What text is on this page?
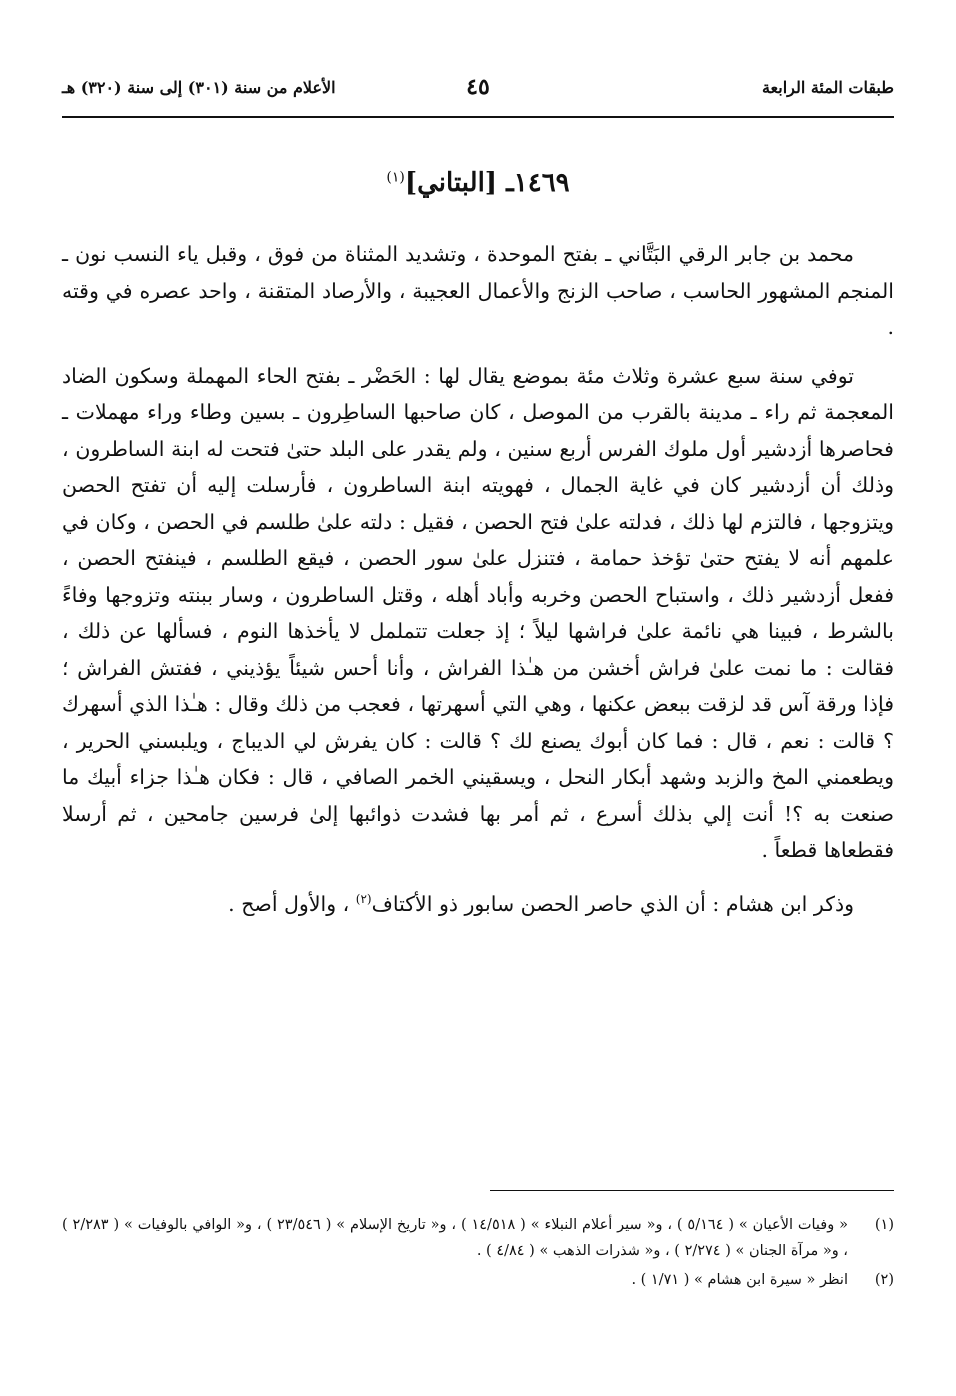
طبقات المئة الرابعة
٤٥
الأعلام من سنة (٣٠١) إلى سنة (٣٢٠) هـ
١٤٦٩ـ [البتاني]$^{(١)}$

محمد بن جابر الرقي البَتَّاني ـ بفتح الموحدة ، وتشديد المثناة من فوق ، وقبل ياء النسب نون ـ المنجم المشهور الحاسب ، صاحب الزنج والأعمال العجيبة ، والأرصاد المتقنة ، واحد عصره في وقته .

توفي سنة سبع عشرة وثلاث مئة بموضع يقال لها : الحَضْر ـ بفتح الحاء المهملة وسكون الضاد المعجمة ثم راء ـ مدينة بالقرب من الموصل ، كان صاحبها الساطِرون ـ بسين وطاء وراء مهملات ـ فحاصرها أزدشير أول ملوك الفرس أربع سنين ، ولم يقدر على البلد حتىٰ فتحت له ابنة الساطرون ، وذلك أن أزدشير كان في غاية الجمال ، فهويته ابنة الساطرون ، فأرسلت إليه أن تفتح الحصن ويتزوجها ، فالتزم لها ذلك ، فدلته علىٰ فتح الحصن ، فقيل : دلته علىٰ طلسم في الحصن ، وكان في علمهم أنه لا يفتح حتىٰ تؤخذ حمامة ، فتنزل علىٰ سور الحصن ، فيقع الطلسم ، فينفتح الحصن ، ففعل أزدشير ذلك ، واستباح الحصن وخربه وأباد أهله ، وقتل الساطرون ، وسار ببنته وتزوجها وفاءً بالشرط ، فبينا هي نائمة علىٰ فراشها ليلاً ؛ إذ جعلت تتململ لا يأخذها النوم ، فسألها عن ذلك ، فقالت : ما نمت علىٰ فراش أخشن من هـٰذا الفراش ، وأنا أحس شيئاً يؤذيني ، ففتش الفراش ؛ فإذا ورقة آس قد لزقت ببعض عكنها ، وهي التي أسهرتها ، فعجب من ذلك وقال : هـٰذا الذي أسهرك ؟ قالت : نعم ، قال : فما كان أبوك يصنع لك ؟ قالت : كان يفرش لي الديباج ، ويلبسني الحرير ، ويطعمني المخ والزبد وشهد أبكار النحل ، ويسقيني الخمر الصافي ، قال : فكان هـٰذا جزاء أبيك ما صنعت به ؟! أنت إلي بذلك أسرع ، ثم أمر بها فشدت ذوائبها إلىٰ فرسين جامحين ، ثم أرسلا فقطعاها قطعاً .

وذكر ابن هشام : أن الذي حاصر الحصن سابور ذو الأكتاف$^{(٢)}$ ، والأول أصح .

(١)
« وفيات الأعيان » ( ٥/١٦٤ ) ، و« سير أعلام النبلاء » ( ١٤/٥١٨ ) ، و« تاريخ الإسلام » ( ٢٣/٥٤٦ ) ، و« الوافي بالوفيات » ( ٢/٢٨٣ ) ، و« مرآة الجنان » ( ٢/٢٧٤ ) ، و« شذرات الذهب » ( ٤/٨٤ ) .
(٢)
انظر « سيرة ابن هشام » ( ١/٧١ ) .
